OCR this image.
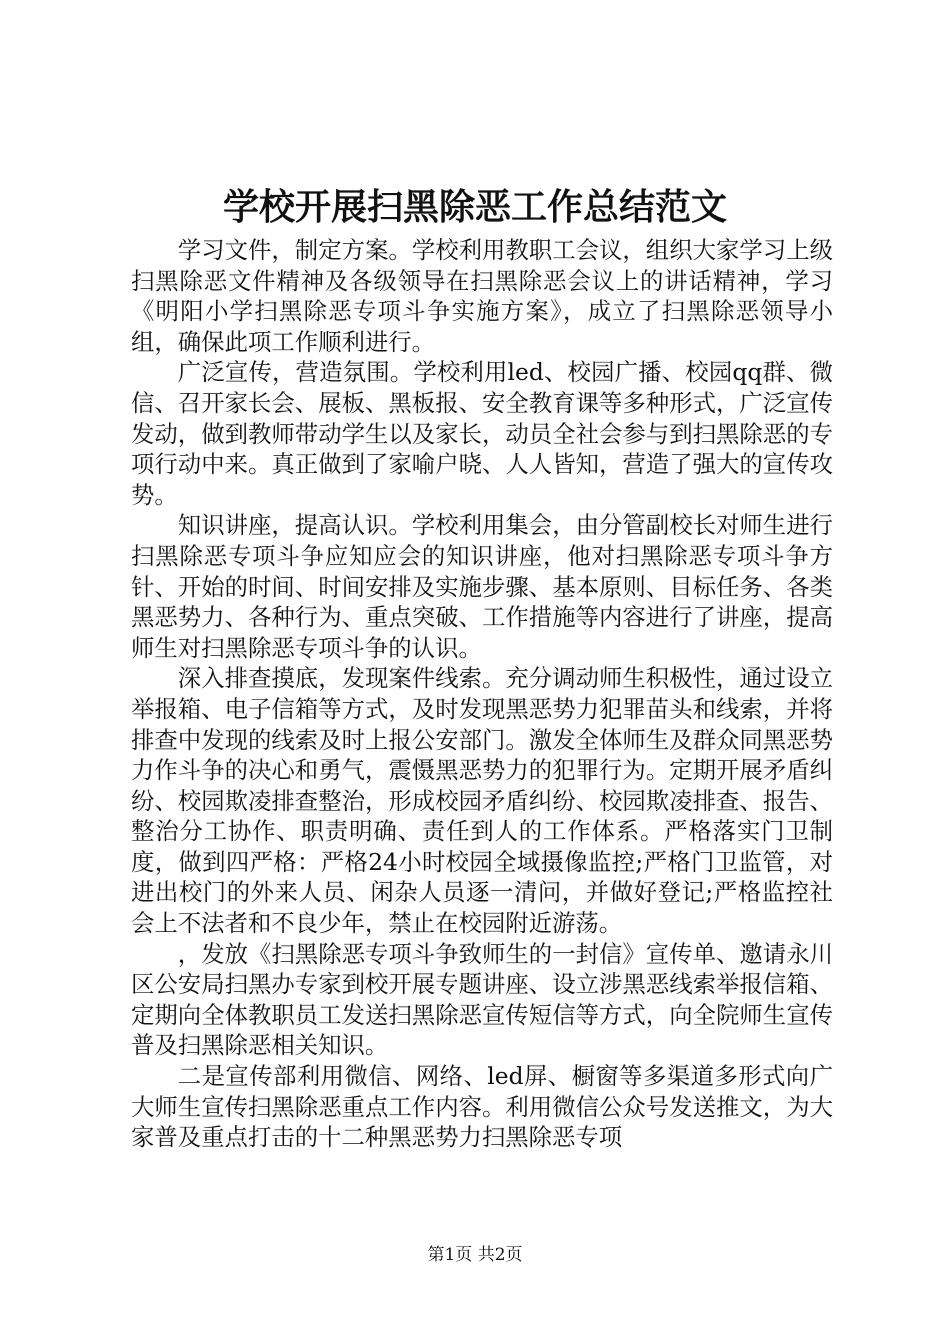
学校开展扫黑除恶工作总结范文

学习文件，制定方案。学校利用教职工会议，组织大家学习上级扫黑除恶文件精神及各级领导在扫黑除恶会议上的讲话精神，学习《明阳小学扫黑除恶专项斗争实施方案》，成立了扫黑除恶领导小组，确保此项工作顺利进行。

广泛宣传，营造氛围。学校利用led、校园广播、校园qq群、微信、召开家长会、展板、黑板报、安全教育课等多种形式，广泛宣传发动，做到教师带动学生以及家长，动员全社会参与到扫黑除恶的专项行动中来。真正做到了家喻户晓、人人皆知，营造了强大的宣传攻势。

知识讲座，提高认识。学校利用集会，由分管副校长对师生进行扫黑除恶专项斗争应知应会的知识讲座，他对扫黑除恶专项斗争方针、开始的时间、时间安排及实施步骤、基本原则、目标任务、各类黑恶势力、各种行为、重点突破、工作措施等内容进行了讲座，提高师生对扫黑除恶专项斗争的认识。

深入排查摸底，发现案件线索。充分调动师生积极性，通过设立举报箱、电子信箱等方式，及时发现黑恶势力犯罪苗头和线索，并将排查中发现的线索及时上报公安部门。激发全体师生及群众同黑恶势力作斗争的决心和勇气，震慑黑恶势力的犯罪行为。定期开展矛盾纠纷、校园欺凌排查整治，形成校园矛盾纠纷、校园欺凌排查、报告、整治分工协作、职责明确、责任到人的工作体系。严格落实门卫制度，做到四严格：严格24小时校园全域摄像监控;严格门卫监管，对进出校门的外来人员、闲杂人员逐一清问，并做好登记;严格监控社会上不法者和不良少年，禁止在校园附近游荡。

，发放《扫黑除恶专项斗争致师生的一封信》宣传单、邀请永川区公安局扫黑办专家到校开展专题讲座、设立涉黑恶线索举报信箱、定期向全体教职员工发送扫黑除恶宣传短信等方式，向全院师生宣传普及扫黑除恶相关知识。

二是宣传部利用微信、网络、led屏、橱窗等多渠道多形式向广大师生宣传扫黑除恶重点工作内容。利用微信公众号发送推文，为大家普及重点打击的十二种黑恶势力扫黑除恶专项

第1页 共2页
